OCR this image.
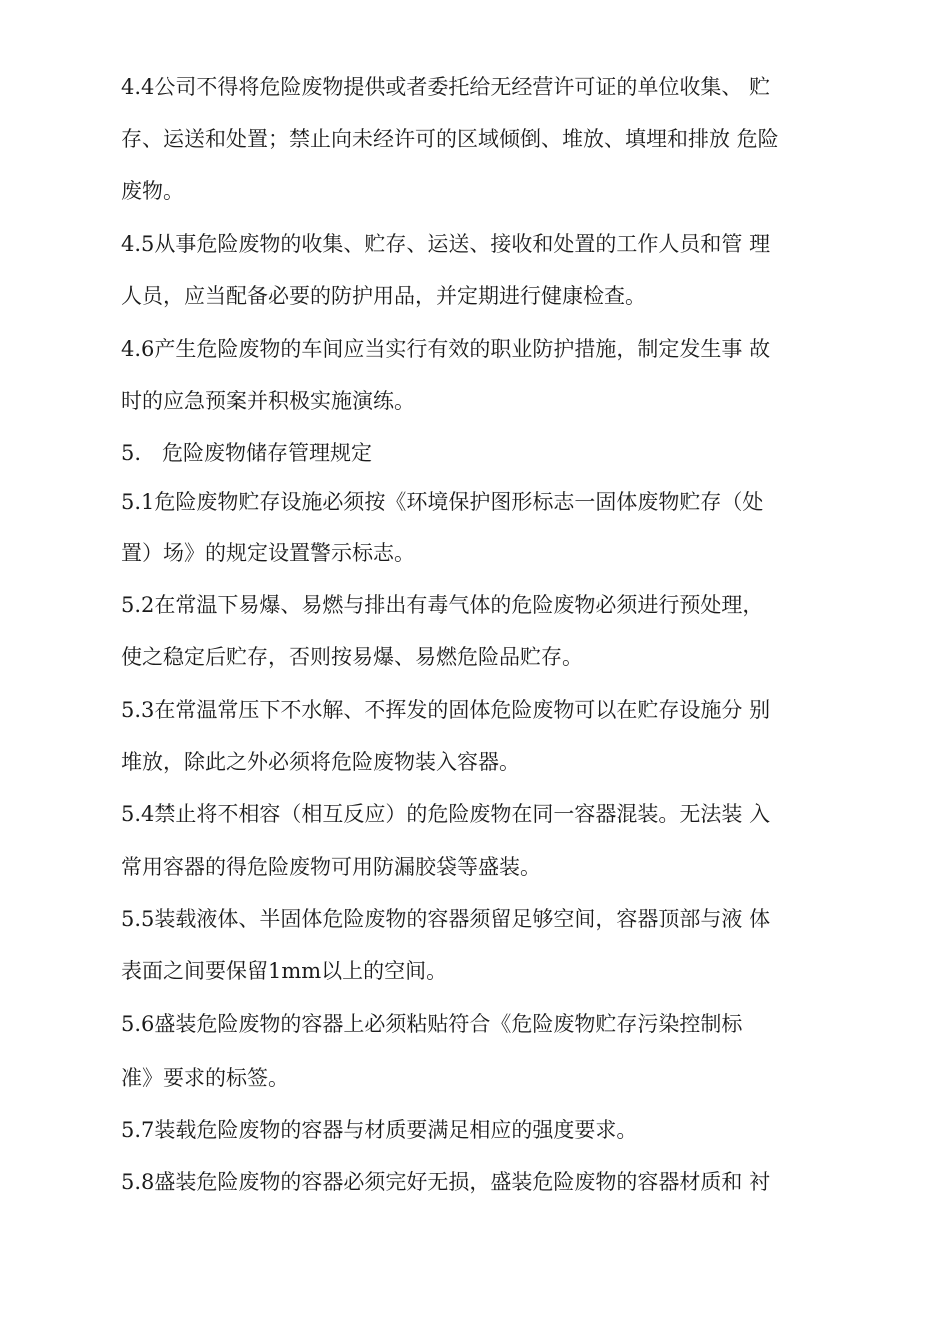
4.4公司不得将危险废物提供或者委托给无经营许可证的单位收集、 贮
存、运送和处置；禁止向未经许可的区域倾倒、堆放、填埋和排放 危险
废物。
4.5从事危险废物的收集、贮存、运送、接收和处置的工作人员和管 理
人员，应当配备必要的防护用品，并定期进行健康检查。
4.6产生危险废物的车间应当实行有效的职业防护措施，制定发生事 故
时的应急预案并积极实施演练。
5.　危险废物储存管理规定
5.1危险废物贮存设施必须按《环境保护图形标志一固体废物贮存（处
置）场》的规定设置警示标志。
5.2在常温下易爆、易燃与排出有毒气体的危险废物必须进行预处理，
使之稳定后贮存，否则按易爆、易燃危险品贮存。
5.3在常温常压下不水解、不挥发的固体危险废物可以在贮存设施分 别
堆放，除此之外必须将危险废物装入容器。
5.4禁止将不相容（相互反应）的危险废物在同一容器混装。无法装 入
常用容器的得危险废物可用防漏胶袋等盛装。
5.5装载液体、半固体危险废物的容器须留足够空间，容器顶部与液 体
表面之间要保留1mm以上的空间。
5.6盛装危险废物的容器上必须粘贴符合《危险废物贮存污染控制标
准》要求的标签。
5.7装载危险废物的容器与材质要满足相应的强度要求。
5.8盛装危险废物的容器必须完好无损，盛装危险废物的容器材质和 衬
